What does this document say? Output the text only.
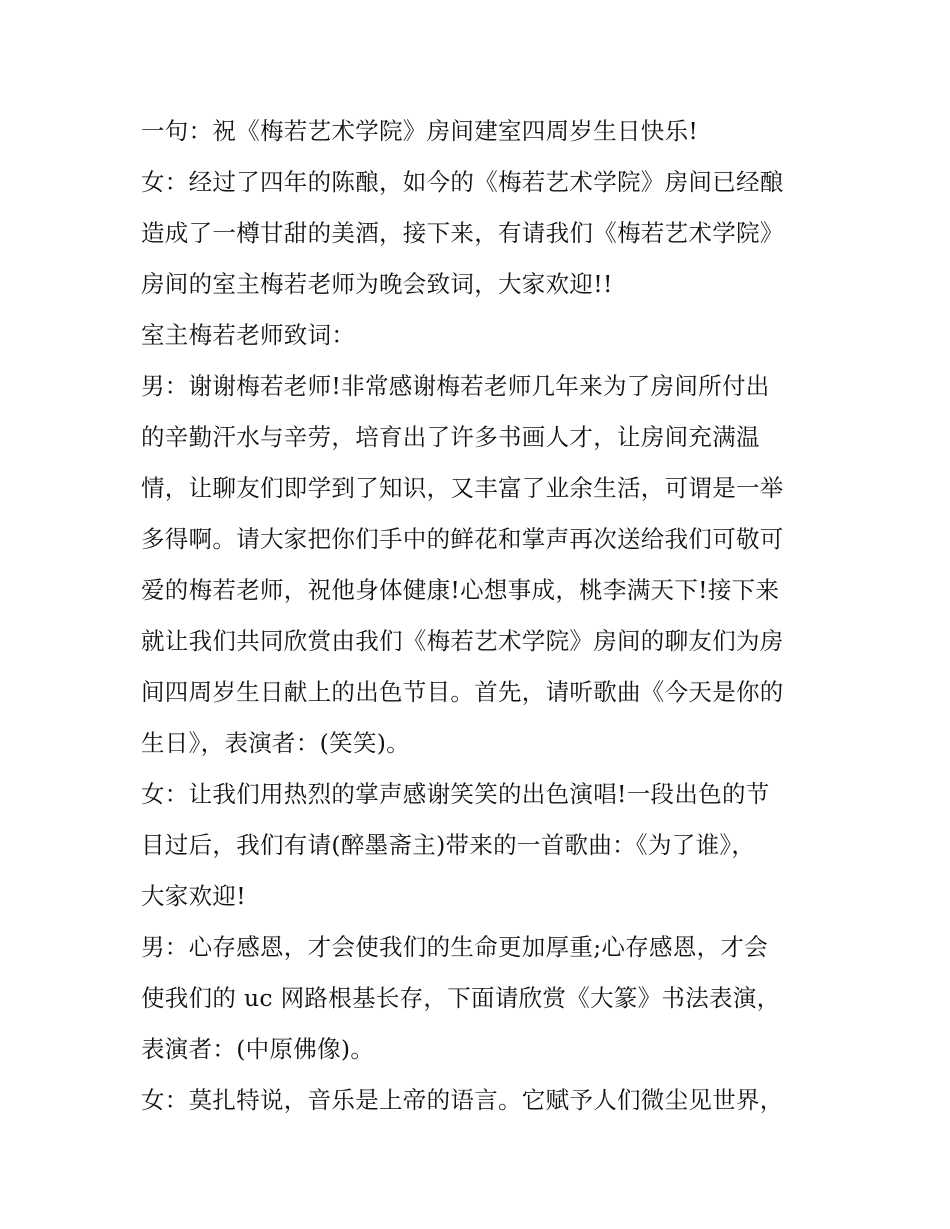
一句：祝《梅若艺术学院》房间建室四周岁生日快乐!
女：经过了四年的陈酿，如今的《梅若艺术学院》房间已经酿
造成了一樽甘甜的美酒，接下来，有请我们《梅若艺术学院》
房间的室主梅若老师为晚会致词，大家欢迎!!
室主梅若老师致词：
男：谢谢梅若老师!非常感谢梅若老师几年来为了房间所付出
的辛勤汗水与辛劳，培育出了许多书画人才，让房间充满温
情，让聊友们即学到了知识，又丰富了业余生活，可谓是一举
多得啊。请大家把你们手中的鲜花和掌声再次送给我们可敬可
爱的梅若老师，祝他身体健康!心想事成，桃李满天下!接下来
就让我们共同欣赏由我们《梅若艺术学院》房间的聊友们为房
间四周岁生日献上的出色节目。首先，请听歌曲《今天是你的
生日》，表演者：(笑笑)。
女：让我们用热烈的掌声感谢笑笑的出色演唱!一段出色的节
目过后，我们有请(醉墨斋主)带来的一首歌曲：《为了谁》，
大家欢迎!
男：心存感恩，才会使我们的生命更加厚重;心存感恩，才会
使我们的 uc 网路根基长存，下面请欣赏《大篆》书法表演，
表演者：(中原佛像)。
女：莫扎特说，音乐是上帝的语言。它赋予人们微尘见世界，
